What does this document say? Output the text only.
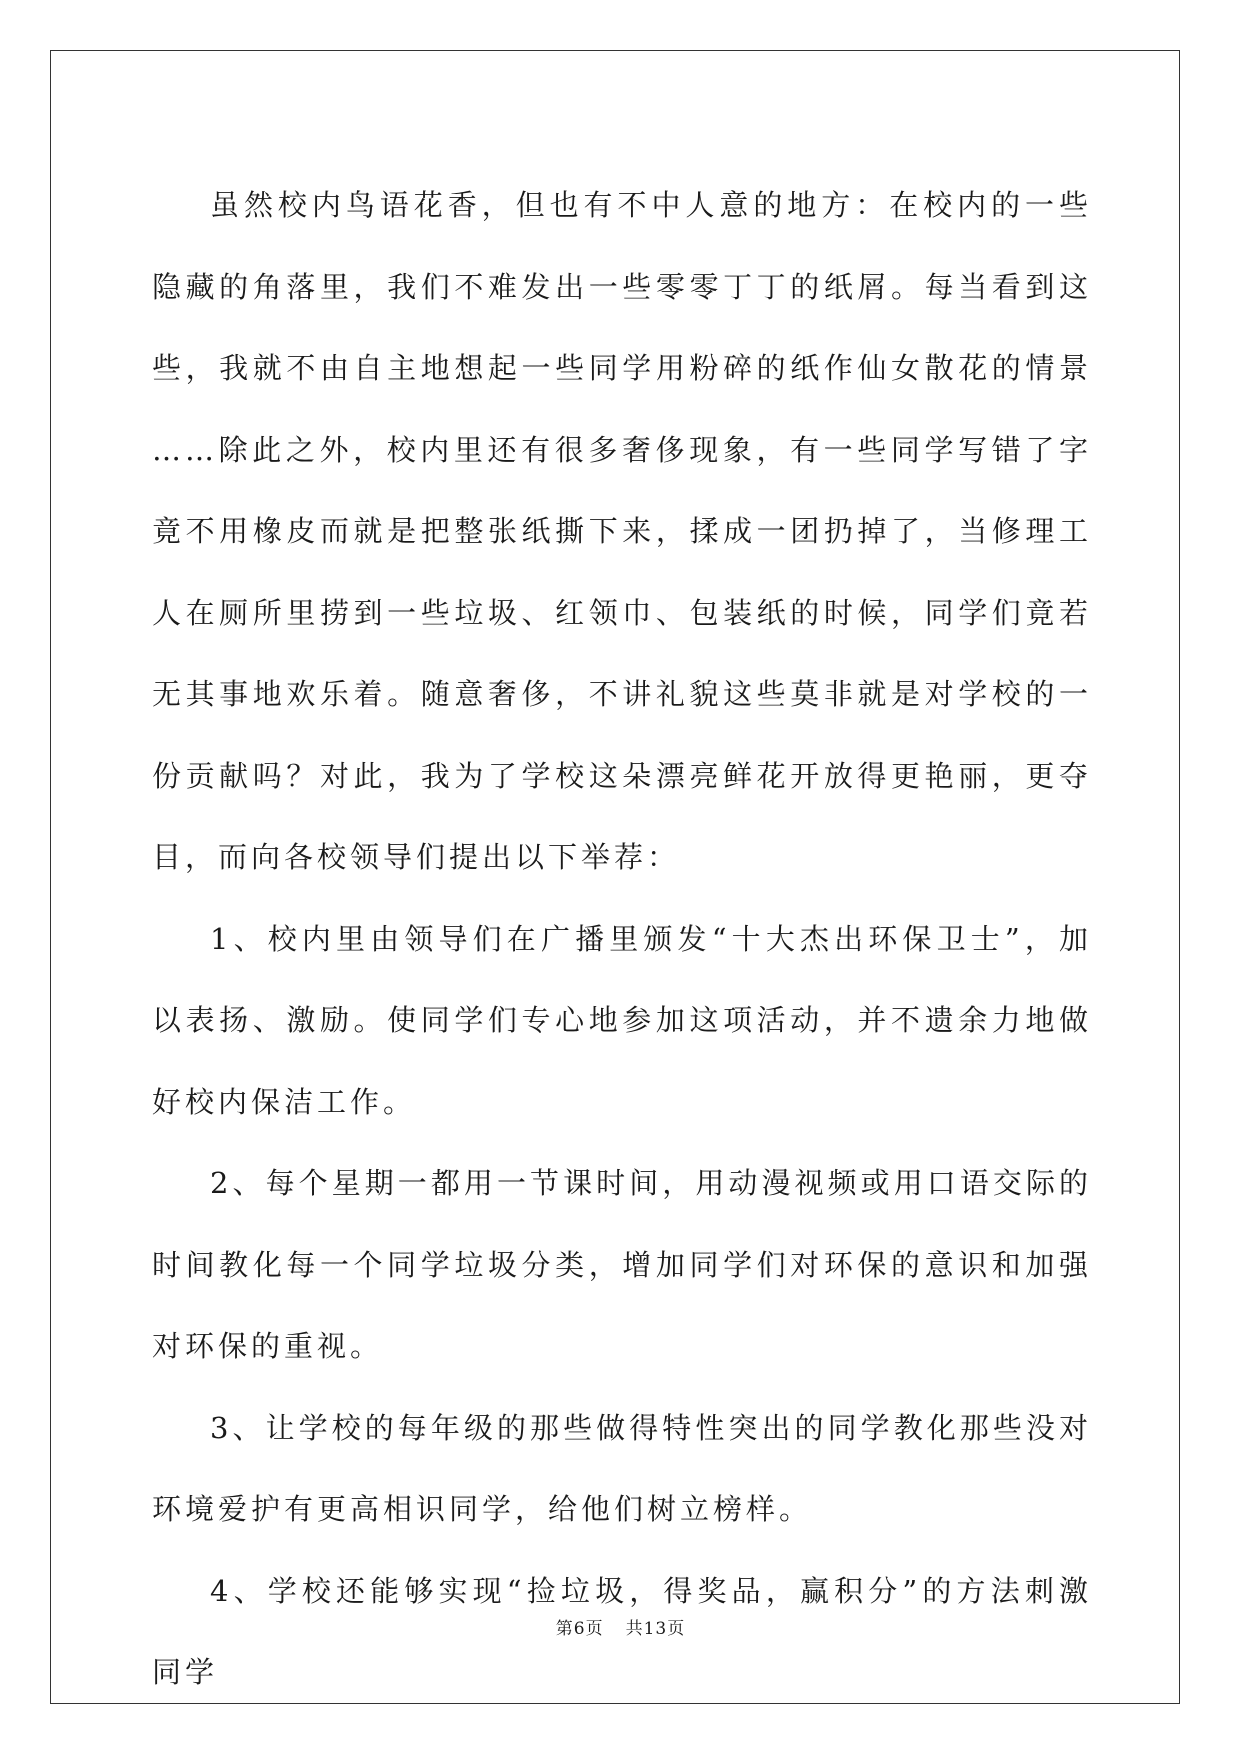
虽然校内鸟语花香，但也有不中人意的地方：在校内的一些隐藏的角落里，我们不难发出一些零零丁丁的纸屑。每当看到这些，我就不由自主地想起一些同学用粉碎的纸作仙女散花的情景……除此之外，校内里还有很多奢侈现象，有一些同学写错了字竟不用橡皮而就是把整张纸撕下来，揉成一团扔掉了，当修理工人在厕所里捞到一些垃圾、红领巾、包装纸的时候，同学们竟若无其事地欢乐着。随意奢侈，不讲礼貌这些莫非就是对学校的一份贡献吗？对此，我为了学校这朵漂亮鲜花开放得更艳丽，更夺目，而向各校领导们提出以下举荐：

1、校内里由领导们在广播里颁发“十大杰出环保卫士”，加以表扬、激励。使同学们专心地参加这项活动，并不遗余力地做好校内保洁工作。

2、每个星期一都用一节课时间，用动漫视频或用口语交际的时间教化每一个同学垃圾分类，增加同学们对环保的意识和加强对环保的重视。

3、让学校的每年级的那些做得特性突出的同学教化那些没对环境爱护有更高相识同学，给他们树立榜样。

4、学校还能够实现“捡垃圾，得奖品，赢积分”的方法刺激同学

第6页 共13页
